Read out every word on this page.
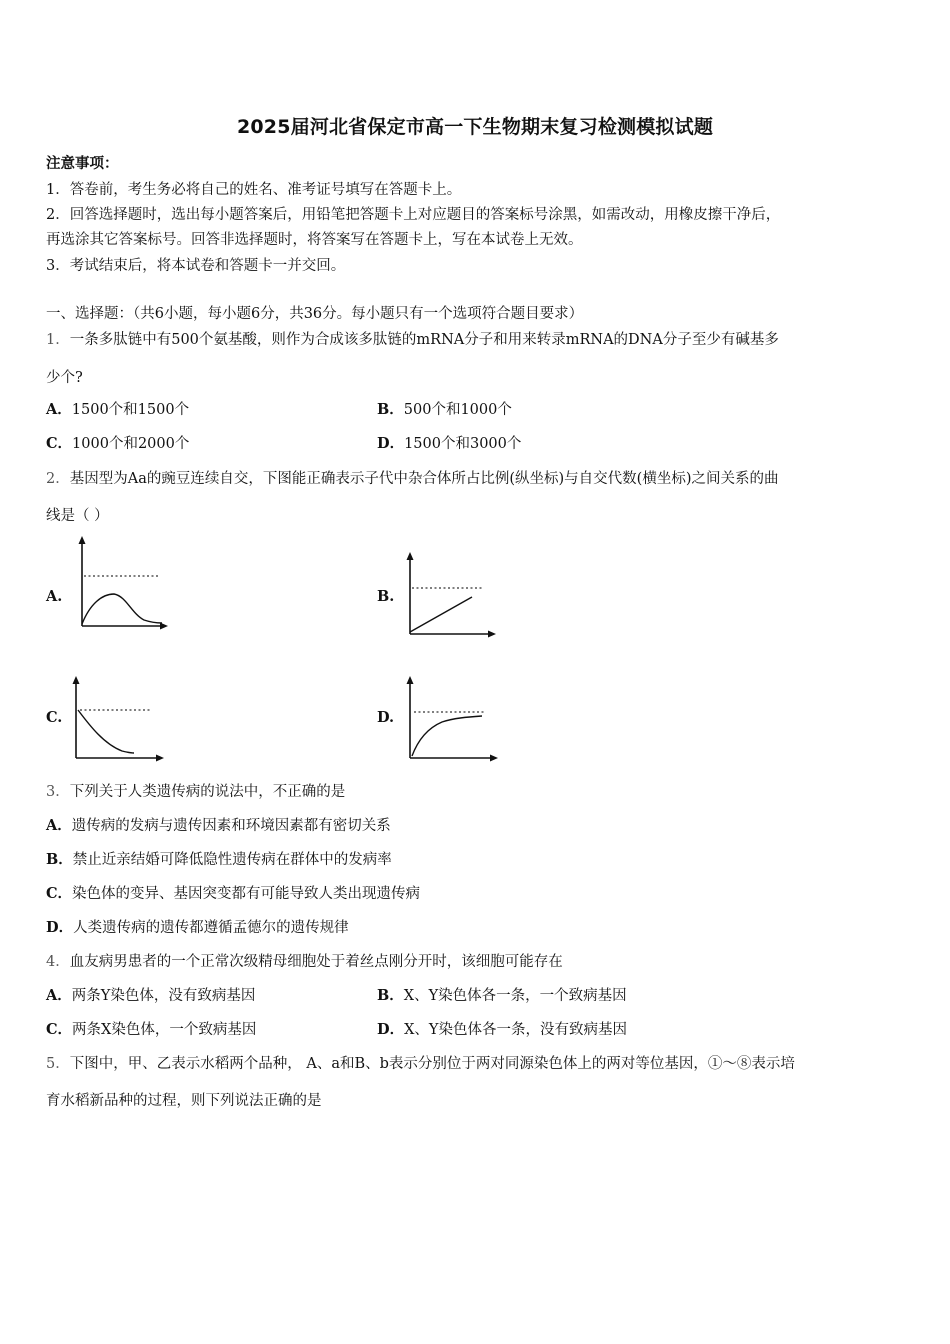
2025届河北省保定市高一下生物期末复习检测模拟试题
注意事项：
1．答卷前，考生务必将自己的姓名、准考证号填写在答题卡上。
2．回答选择题时，选出每小题答案后，用铅笔把答题卡上对应题目的答案标号涂黑，如需改动，用橡皮擦干净后，
再选涂其它答案标号。回答非选择题时，将答案写在答题卡上，写在本试卷上无效。
3．考试结束后，将本试卷和答题卡一并交回。
一、选择题：（共6小题，每小题6分，共36分。每小题只有一个选项符合题目要求）
1．一条多肽链中有500个氨基酸，则作为合成该多肽链的mRNA分子和用来转录mRNA的DNA分子至少有碱基多
少个?
A．1500个和1500个	B．500个和1000个
C．1000个和2000个	D．1500个和3000个
2．基因型为Aa的豌豆连续自交，下图能正确表示子代中杂合体所占比例(纵坐标)与自交代数(横坐标)之间关系的曲
线是（ ）
A.	B.
C.	D.
3．下列关于人类遗传病的说法中，不正确的是
A．遗传病的发病与遗传因素和环境因素都有密切关系
B．禁止近亲结婚可降低隐性遗传病在群体中的发病率
C．染色体的变异、基因突变都有可能导致人类出现遗传病
D．人类遗传病的遗传都遵循孟德尔的遗传规律
4．血友病男患者的一个正常次级精母细胞处于着丝点刚分开时，该细胞可能存在
A．两条Y染色体，没有致病基因	B．X、Y染色体各一条，一个致病基因
C．两条X染色体，一个致病基因	D．X、Y染色体各一条，没有致病基因
5．下图中，甲、乙表示水稻两个品种， A、a和B、b表示分别位于两对同源染色体上的两对等位基因，①～⑧表示培
育水稻新品种的过程，则下列说法正确的是
